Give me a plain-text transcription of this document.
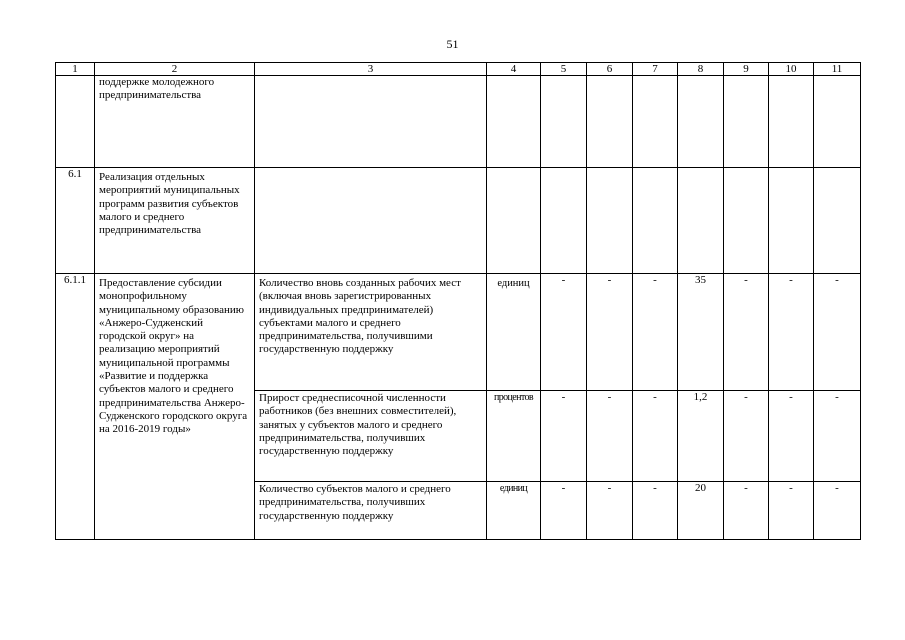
51
1	2	3	4	5	6	7	8	9	10	11
	поддержке молодежного предпринимательства									
6.1	Реализация отдельных мероприятий муниципальных программ развития субъектов малого и среднего предпринимательства									
6.1.1	Предоставление субсидии монопрофильному муниципальному образованию «Анжеро-Судженский городской округ» на реализацию мероприятий муниципальной программы «Развитие и поддержка субъектов малого и среднего предпринимательства Анжеро-Судженского городского округа на 2016-2019 годы»	Количество вновь созданных рабочих мест (включая вновь зарегистрированных индивидуальных предпринимателей) субъектами малого и среднего предпринимательства, получившими государственную поддержку	единиц	-	-	-	35	-	-	-
		Прирост среднесписочной численности работников (без внешних совместителей), занятых у субъектов малого и среднего предпринимательства, получивших государственную поддержку	процентов	-	-	-	1,2	-	-	-
		Количество субъектов малого и среднего предпринимательства, получивших государственную поддержку	единиц	-	-	-	20	-	-	-
